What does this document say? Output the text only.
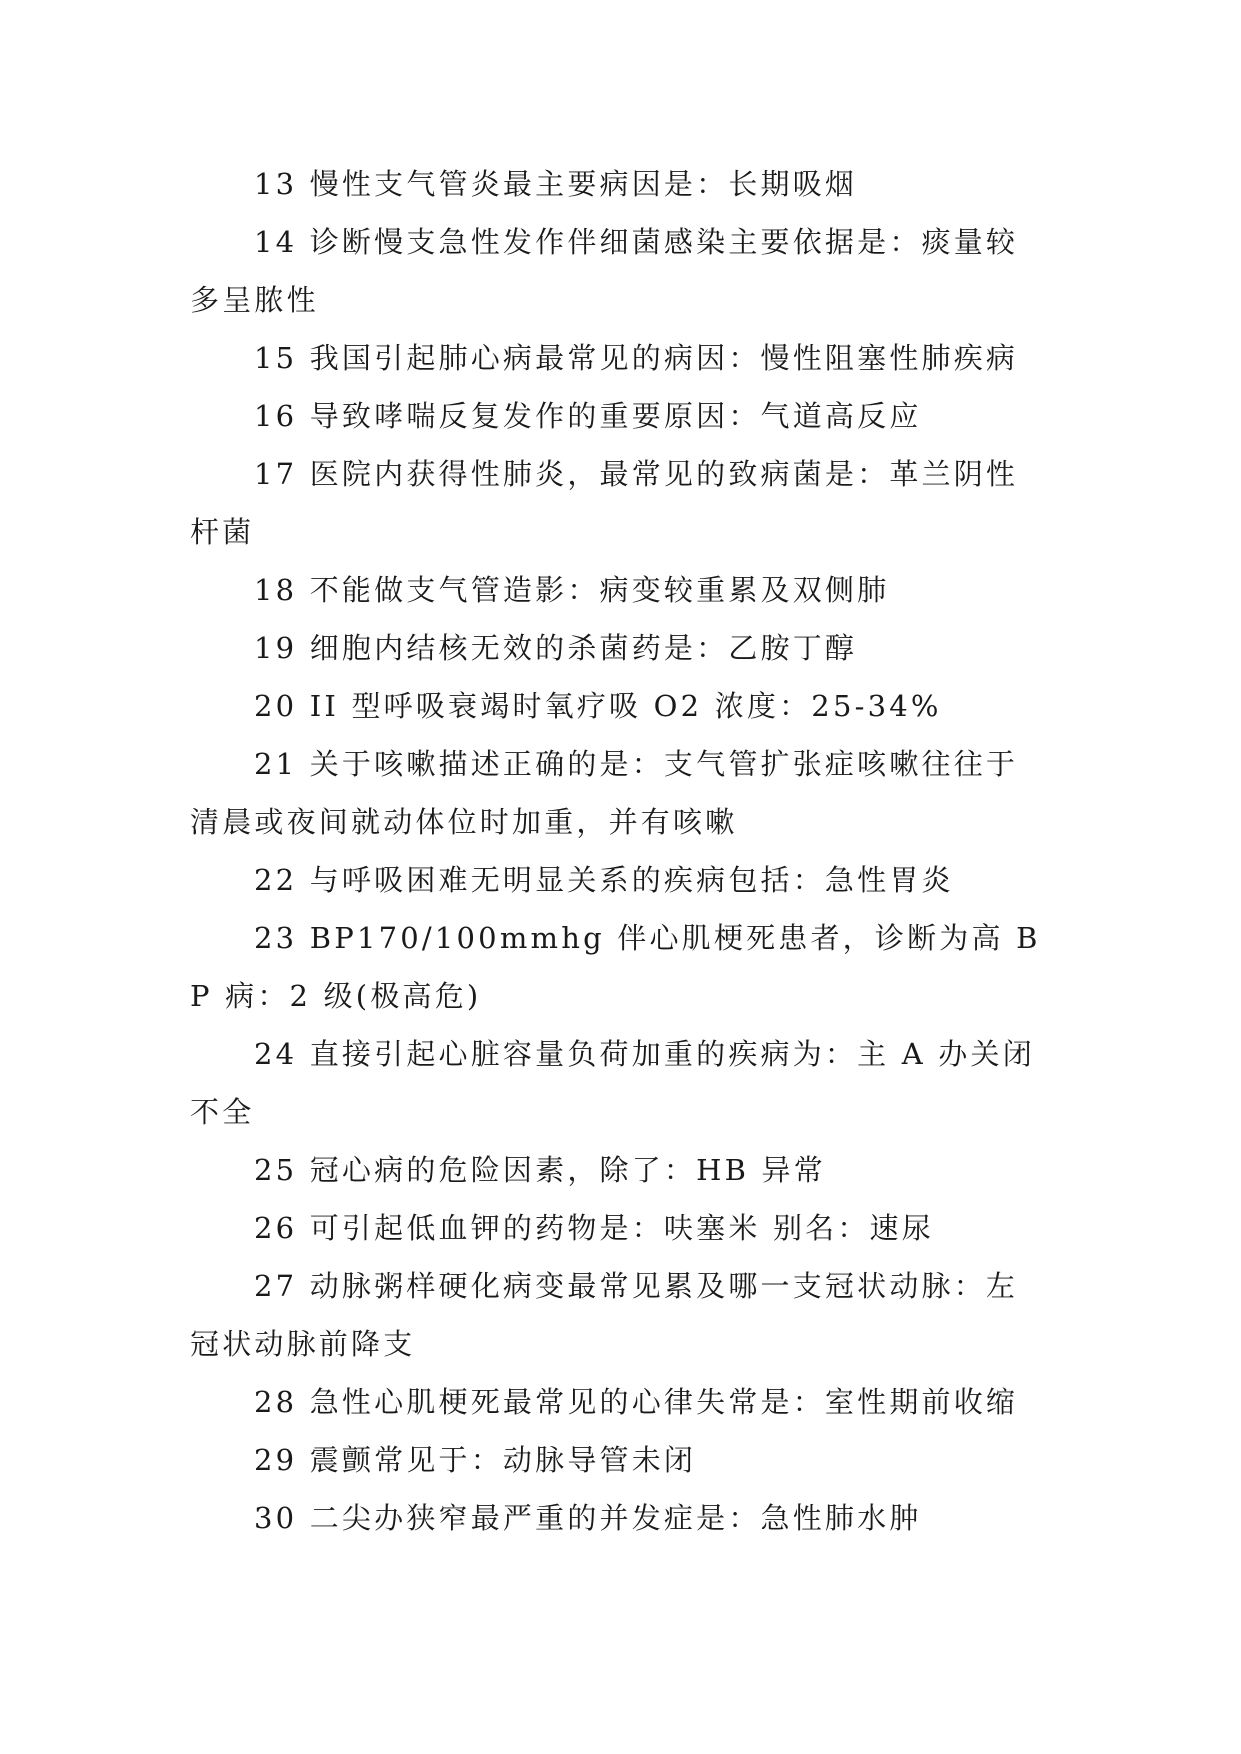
13 慢性支气管炎最主要病因是：长期吸烟

14 诊断慢支急性发作伴细菌感染主要依据是：痰量较多呈脓性

15 我国引起肺心病最常见的病因：慢性阻塞性肺疾病

16 导致哮喘反复发作的重要原因：气道高反应

17 医院内获得性肺炎，最常见的致病菌是：革兰阴性杆菌

18 不能做支气管造影：病变较重累及双侧肺

19 细胞内结核无效的杀菌药是：乙胺丁醇

20 II 型呼吸衰竭时氧疗吸 O2 浓度：25-34%

21 关于咳嗽描述正确的是：支气管扩张症咳嗽往往于清晨或夜间就动体位时加重，并有咳嗽

22 与呼吸困难无明显关系的疾病包括：急性胃炎

23 BP170/100mmhg 伴心肌梗死患者，诊断为高 BP 病：2 级(极高危)

24 直接引起心脏容量负荷加重的疾病为：主 A 办关闭不全

25 冠心病的危险因素，除了：HB 异常

26 可引起低血钾的药物是：呋塞米 别名：速尿

27 动脉粥样硬化病变最常见累及哪一支冠状动脉：左冠状动脉前降支

28 急性心肌梗死最常见的心律失常是：室性期前收缩

29 震颤常见于：动脉导管未闭

30 二尖办狭窄最严重的并发症是：急性肺水肿
